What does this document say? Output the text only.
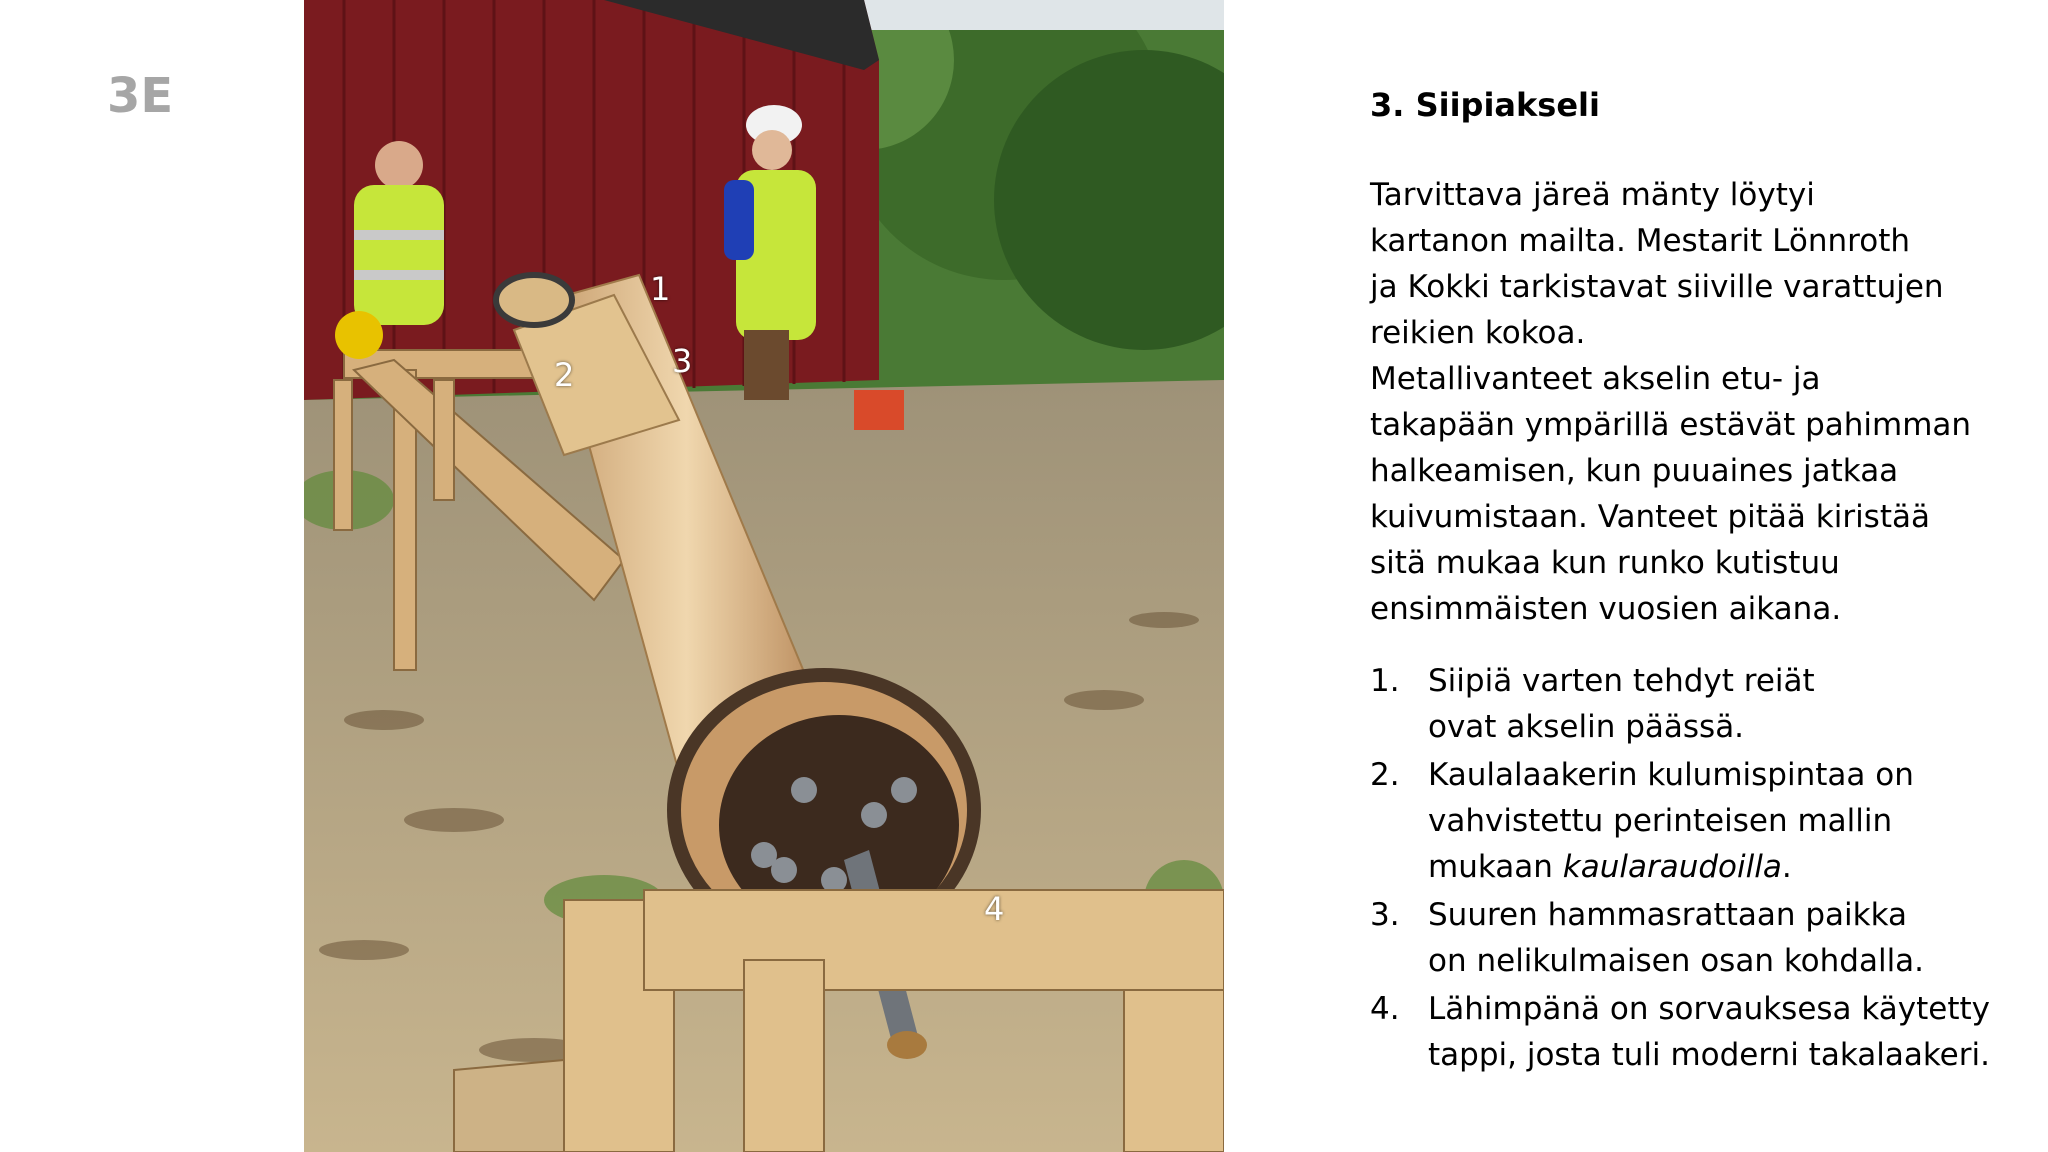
3E
1
2	3
4
3. Siipiakseli
Tarvittava järeä mänty löytyi
kartanon mailta. Mestarit Lönnroth
ja Kokki tarkistavat siiville varattujen
reikien kokoa.
Metallivanteet akselin etu- ja
takapään ympärillä estävät pahimman
halkeamisen, kun puuaines jatkaa
kuivumistaan. Vanteet pitää kiristää
sitä mukaa kun runko kutistuu
ensimmäisten vuosien aikana.
1. Siipiä varten tehdyt reiät
ovat akselin päässä.
2. Kaulalaakerin kulumispintaa on
vahvistettu perinteisen mallin
mukaan kaularaudoilla.
3. Suuren hammasrattaan paikka
on nelikulmaisen osan kohdalla.
4. Lähimpänä on sorvauksesa käytetty
tappi, josta tuli moderni takalaakeri.
